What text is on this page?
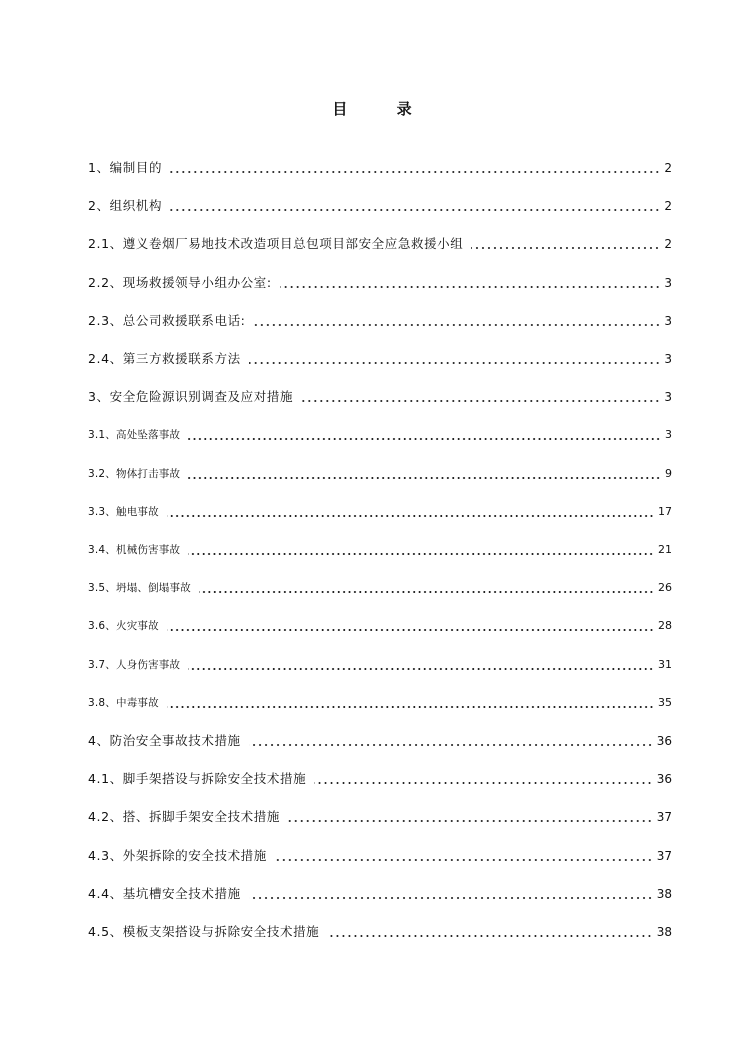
目 录
1、编制目的	2
2、组织机构	2
2.1、遵义卷烟厂易地技术改造项目总包项目部安全应急救援小组	2
2.2、现场救援领导小组办公室:	3
2.3、总公司救援联系电话:	3
2.4、第三方救援联系方法	3
3、安全危险源识别调查及应对措施	3
3.1、高处坠落事故	3
3.2、物体打击事故	9
3.3、触电事故	17
3.4、机械伤害事故	21
3.5、坍塌、倒塌事故	26
3.6、火灾事故	28
3.7、人身伤害事故	31
3.8、中毒事故	35
4、防治安全事故技术措施	36
4.1、脚手架搭设与拆除安全技术措施	36
4.2、搭、拆脚手架安全技术措施	37
4.3、外架拆除的安全技术措施	37
4.4、基坑槽安全技术措施	38
4.5、模板支架搭设与拆除安全技术措施	38
